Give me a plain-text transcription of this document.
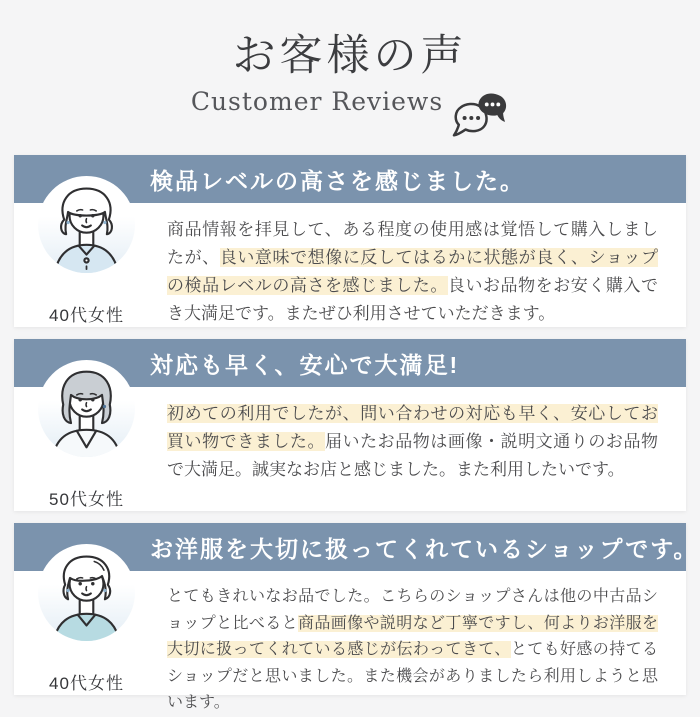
お客様の声
Customer Reviews
検品レベルの高さを感じました。
40代女性
商品情報を拝見して、ある程度の使用感は覚悟して購入しましたが、良い意味で想像に反してはるかに状態が良く、ショップの検品レベルの高さを感じました。良いお品物をお安く購入でき大満足です。またぜひ利用させていただきます。
対応も早く、安心で大満足!
50代女性
初めての利用でしたが、問い合わせの対応も早く、安心してお買い物できました。届いたお品物は画像・説明文通りのお品物で大満足。誠実なお店と感じました。また利用したいです。
お洋服を大切に扱ってくれているショップです。
40代女性
とてもきれいなお品でした。こちらのショップさんは他の中古品ショップと比べると商品画像や説明など丁寧ですし、何よりお洋服を大切に扱ってくれている感じが伝わってきて、とても好感の持てるショップだと思いました。また機会がありましたら利用しようと思います。
